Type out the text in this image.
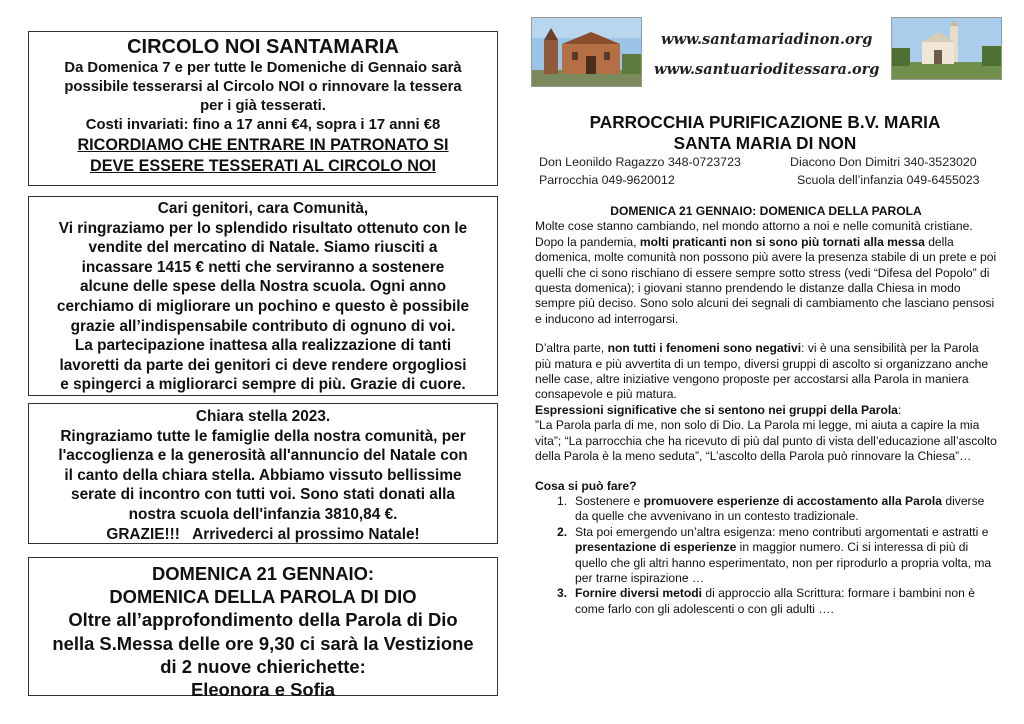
CIRCOLO NOI SANTAMARIA
Da Domenica 7 e per tutte le Domeniche di Gennaio sarà
possibile tesserarsi al Circolo NOI o rinnovare la tessera
per i già tesserati.
Costi invariati: fino a 17 anni €4, sopra i 17 anni €8
RICORDIAMO CHE ENTRARE IN PATRONATO SI
DEVE ESSERE TESSERATI AL CIRCOLO NOI
Cari genitori, cara Comunità,
Vi ringraziamo per lo splendido risultato ottenuto con le
vendite del mercatino di Natale. Siamo riusciti a
incassare 1415 € netti che serviranno a sostenere
alcune delle spese della Nostra scuola. Ogni anno
cerchiamo di migliorare un pochino e questo è possibile
grazie all’indispensabile contributo di ognuno di voi.
La partecipazione inattesa alla realizzazione di tanti
lavoretti da parte dei genitori ci deve rendere orgogliosi
e spingerci a migliorarci sempre di più. Grazie di cuore.
Chiara stella 2023.
Ringraziamo tutte le famiglie della nostra comunità, per
l'accoglienza e la generosità all'annuncio del Natale con
il canto della chiara stella. Abbiamo vissuto bellissime
serate di incontro con tutti voi. Sono stati donati alla
nostra scuola dell'infanzia 3810,84 €.
GRAZIE!!!   Arrivederci al prossimo Natale!
DOMENICA 21 GENNAIO:
DOMENICA DELLA PAROLA DI DIO
Oltre all’approfondimento della Parola di Dio
nella S.Messa delle ore 9,30 ci sarà la Vestizione
di 2 nuove chierichette:
Eleonora e Sofia
www.santamariadinon.org
www.santuarioditessara.org
PARROCCHIA PURIFICAZIONE B.V. MARIA
SANTA MARIA DI NON
Don Leonildo Ragazzo 348-0723723	Diacono Don Dimitri 340-3523020
Parrocchia 049-9620012	Scuola dell’infanzia 049-6455023

DOMENICA 21 GENNAIO: DOMENICA DELLA PAROLA

Molte cose stanno cambiando, nel mondo attorno a noi e nelle comunità cristiane.

Dopo la pandemia, molti praticanti non si sono più tornati alla messa della domenica, molte comunità non possono più avere la presenza stabile di un prete e poi quelli che ci sono rischiano di essere sempre sotto stress (vedi “Difesa del Popolo” di questa domenica); i giovani stanno prendendo le distanze dalla Chiesa in modo sempre più deciso. Sono solo alcuni dei segnali di cambiamento che lasciano pensosi e inducono ad interrogarsi.

D’altra parte, non tutti i fenomeni sono negativi: vi è una sensibilità per la Parola più matura e più avvertita di un tempo, diversi gruppi di ascolto si organizzano anche nelle case, altre iniziative vengono proposte per accostarsi alla Parola in maniera consapevole e più matura.

Espressioni significative che si sentono nei gruppi della Parola:

”La Parola parla di me, non solo di Dio. La Parola mi legge, mi aiuta a capire la mia vita”; “La parrocchia che ha ricevuto di più dal punto di vista dell’educazione all’ascolto della Parola è la meno seduta”, “L’ascolto della Parola può rinnovare la Chiesa”…

Cosa si può fare?

1. Sostenere e promuovere esperienze di accostamento alla Parola diverse da quelle che avvenivano in un contesto tradizionale.
2. Sta poi emergendo un’altra esigenza: meno contributi argomentati e astratti e presentazione di esperienze in maggior numero. Ci si interessa di più di quello che gli altri hanno esperimentato, non per riprodurlo a propria volta, ma per trarne ispirazione …
3. Fornire diversi metodi di approccio alla Scrittura: formare i bambini non è come farlo con gli adolescenti o con gli adulti ….
